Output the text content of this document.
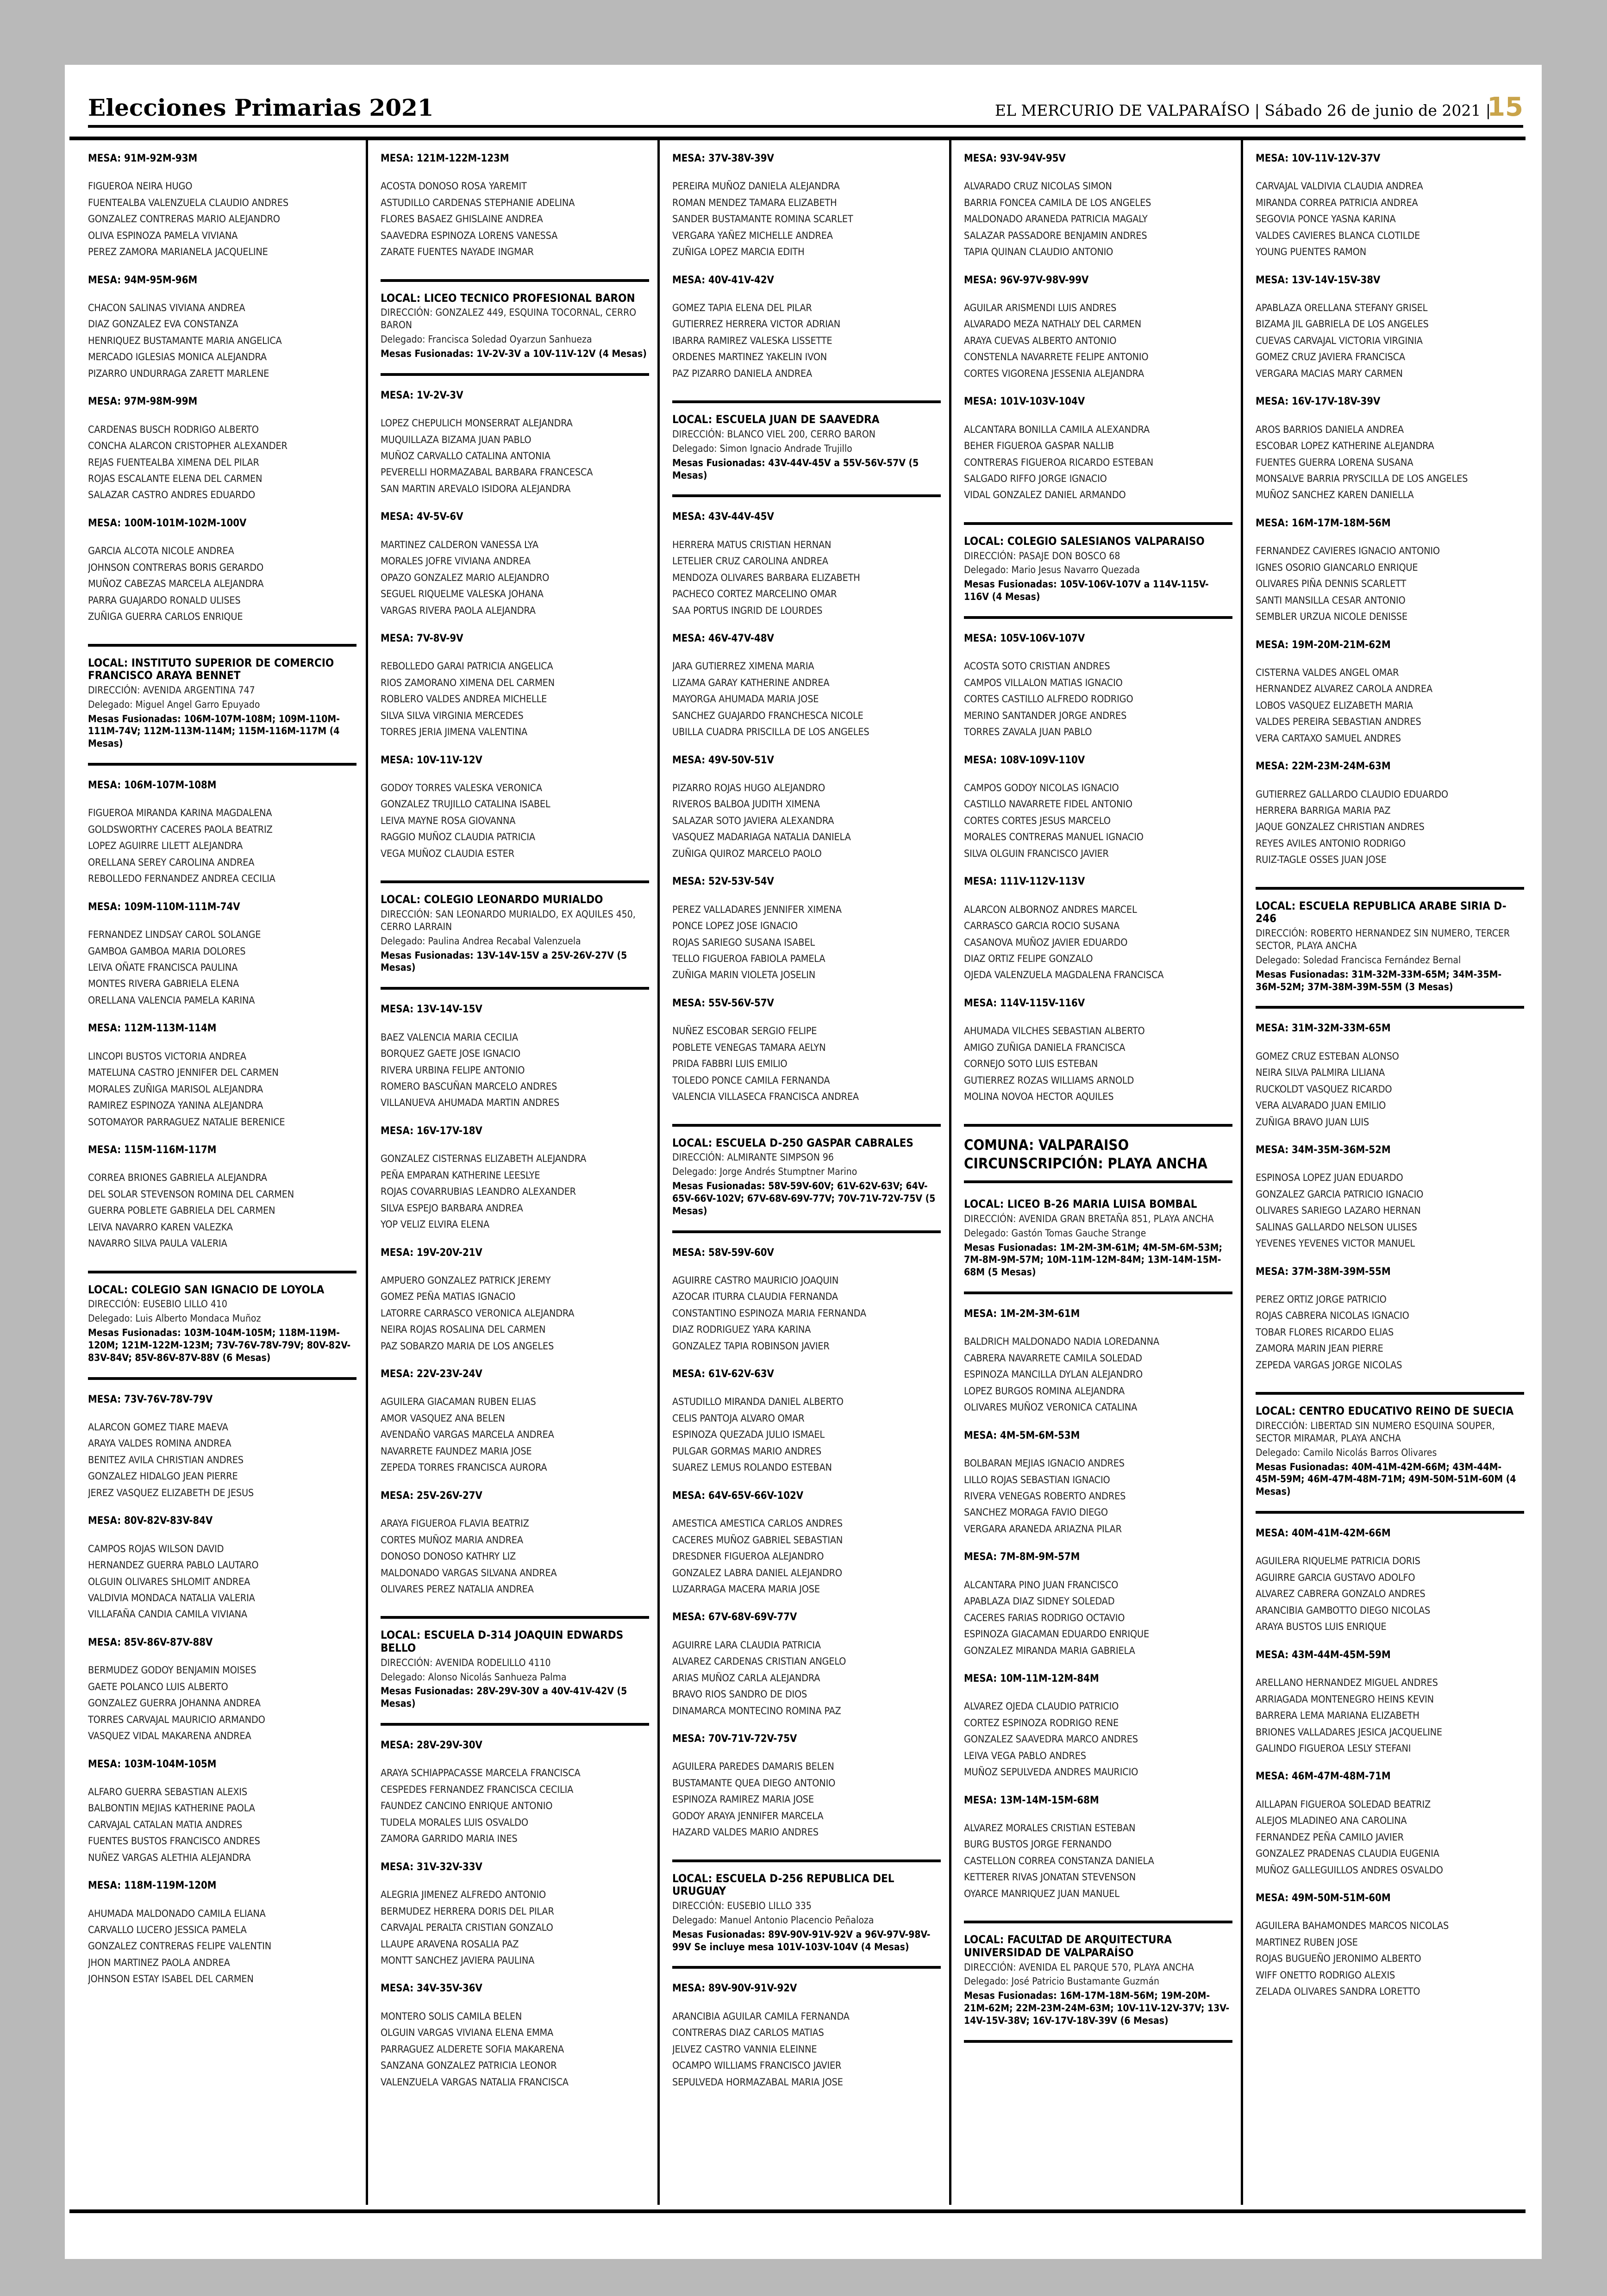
Elecciones Primarias 2021	EL MERCURIO DE VALPARAÍSO | Sábado 26 de junio de 2021 |
15
MESA: 91M-92M-93M
FIGUEROA NEIRA HUGO
FUENTEALBA VALENZUELA CLAUDIO ANDRES
GONZALEZ CONTRERAS MARIO ALEJANDRO
OLIVA ESPINOZA PAMELA VIVIANA
PEREZ ZAMORA MARIANELA JACQUELINE
MESA: 94M-95M-96M
CHACON SALINAS VIVIANA ANDREA
DIAZ GONZALEZ EVA CONSTANZA
HENRIQUEZ BUSTAMANTE MARIA ANGELICA
MERCADO IGLESIAS MONICA ALEJANDRA
PIZARRO UNDURRAGA ZARETT MARLENE
MESA: 97M-98M-99M
CARDENAS BUSCH RODRIGO ALBERTO
CONCHA ALARCON CRISTOPHER ALEXANDER
REJAS FUENTEALBA XIMENA DEL PILAR
ROJAS ESCALANTE ELENA DEL CARMEN
SALAZAR CASTRO ANDRES EDUARDO
MESA: 100M-101M-102M-100V
GARCIA ALCOTA NICOLE ANDREA
JOHNSON CONTRERAS BORIS GERARDO
MUÑOZ CABEZAS MARCELA ALEJANDRA
PARRA GUAJARDO RONALD ULISES
ZUÑIGA GUERRA CARLOS ENRIQUE
LOCAL: INSTITUTO SUPERIOR DE COMERCIO FRANCISCO ARAYA BENNET

DIRECCIÓN: AVENIDA ARGENTINA 747

Delegado: Miguel Angel Garro Epuyado

Mesas Fusionadas: 106M-107M-108M; 109M-110M-111M-74V; 112M-113M-114M; 115M-116M-117M (4 Mesas)

MESA: 106M-107M-108M
FIGUEROA MIRANDA KARINA MAGDALENA
GOLDSWORTHY CACERES PAOLA BEATRIZ
LOPEZ AGUIRRE LILETT ALEJANDRA
ORELLANA SEREY CAROLINA ANDREA
REBOLLEDO FERNANDEZ ANDREA CECILIA
MESA: 109M-110M-111M-74V
FERNANDEZ LINDSAY CAROL SOLANGE
GAMBOA GAMBOA MARIA DOLORES
LEIVA OÑATE FRANCISCA PAULINA
MONTES RIVERA GABRIELA ELENA
ORELLANA VALENCIA PAMELA KARINA
MESA: 112M-113M-114M
LINCOPI BUSTOS VICTORIA ANDREA
MATELUNA CASTRO JENNIFER DEL CARMEN
MORALES ZUÑIGA MARISOL ALEJANDRA
RAMIREZ ESPINOZA YANINA ALEJANDRA
SOTOMAYOR PARRAGUEZ NATALIE BERENICE
MESA: 115M-116M-117M
CORREA BRIONES GABRIELA ALEJANDRA
DEL SOLAR STEVENSON ROMINA DEL CARMEN
GUERRA POBLETE GABRIELA DEL CARMEN
LEIVA NAVARRO KAREN VALEZKA
NAVARRO SILVA PAULA VALERIA
LOCAL: COLEGIO SAN IGNACIO DE LOYOLA

DIRECCIÓN: EUSEBIO LILLO 410

Delegado: Luis Alberto Mondaca Muñoz

Mesas Fusionadas: 103M-104M-105M; 118M-119M-120M; 121M-122M-123M; 73V-76V-78V-79V; 80V-82V-83V-84V; 85V-86V-87V-88V (6 Mesas)

MESA: 73V-76V-78V-79V
ALARCON GOMEZ TIARE MAEVA
ARAYA VALDES ROMINA ANDREA
BENITEZ AVILA CHRISTIAN ANDRES
GONZALEZ HIDALGO JEAN PIERRE
JEREZ VASQUEZ ELIZABETH DE JESUS
MESA: 80V-82V-83V-84V
CAMPOS ROJAS WILSON DAVID
HERNANDEZ GUERRA PABLO LAUTARO
OLGUIN OLIVARES SHLOMIT ANDREA
VALDIVIA MONDACA NATALIA VALERIA
VILLAFAÑA CANDIA CAMILA VIVIANA
MESA: 85V-86V-87V-88V
BERMUDEZ GODOY BENJAMIN MOISES
GAETE POLANCO LUIS ALBERTO
GONZALEZ GUERRA JOHANNA ANDREA
TORRES CARVAJAL MAURICIO ARMANDO
VASQUEZ VIDAL MAKARENA ANDREA
MESA: 103M-104M-105M
ALFARO GUERRA SEBASTIAN ALEXIS
BALBONTIN MEJIAS KATHERINE PAOLA
CARVAJAL CATALAN MATIA ANDRES
FUENTES BUSTOS FRANCISCO ANDRES
NUÑEZ VARGAS ALETHIA ALEJANDRA
MESA: 118M-119M-120M
AHUMADA MALDONADO CAMILA ELIANA
CARVALLO LUCERO JESSICA PAMELA
GONZALEZ CONTRERAS FELIPE VALENTIN
JHON MARTINEZ PAOLA ANDREA
JOHNSON ESTAY ISABEL DEL CARMEN
MESA: 121M-122M-123M
ACOSTA DONOSO ROSA YAREMIT
ASTUDILLO CARDENAS STEPHANIE ADELINA
FLORES BASAEZ GHISLAINE ANDREA
SAAVEDRA ESPINOZA LORENS VANESSA
ZARATE FUENTES NAYADE INGMAR
LOCAL: LICEO TECNICO PROFESIONAL BARON

DIRECCIÓN: GONZALEZ 449, ESQUINA TOCORNAL, CERRO BARON

Delegado: Francisca Soledad Oyarzun Sanhueza

Mesas Fusionadas: 1V-2V-3V a 10V-11V-12V (4 Mesas)

MESA: 1V-2V-3V
LOPEZ CHEPULICH MONSERRAT ALEJANDRA
MUQUILLAZA BIZAMA JUAN PABLO
MUÑOZ CARVALLO CATALINA ANTONIA
PEVERELLI HORMAZABAL BARBARA FRANCESCA
SAN MARTIN AREVALO ISIDORA ALEJANDRA
MESA: 4V-5V-6V
MARTINEZ CALDERON VANESSA LYA
MORALES JOFRE VIVIANA ANDREA
OPAZO GONZALEZ MARIO ALEJANDRO
SEGUEL RIQUELME VALESKA JOHANA
VARGAS RIVERA PAOLA ALEJANDRA
MESA: 7V-8V-9V
REBOLLEDO GARAI PATRICIA ANGELICA
RIOS ZAMORANO XIMENA DEL CARMEN
ROBLERO VALDES ANDREA MICHELLE
SILVA SILVA VIRGINIA MERCEDES
TORRES JERIA JIMENA VALENTINA
MESA: 10V-11V-12V
GODOY TORRES VALESKA VERONICA
GONZALEZ TRUJILLO CATALINA ISABEL
LEIVA MAYNE ROSA GIOVANNA
RAGGIO MUÑOZ CLAUDIA PATRICIA
VEGA MUÑOZ CLAUDIA ESTER
LOCAL: COLEGIO LEONARDO MURIALDO

DIRECCIÓN: SAN LEONARDO MURIALDO, EX AQUILES 450, CERRO LARRAIN

Delegado: Paulina Andrea Recabal Valenzuela

Mesas Fusionadas: 13V-14V-15V a 25V-26V-27V (5 Mesas)

MESA: 13V-14V-15V
BAEZ VALENCIA MARIA CECILIA
BORQUEZ GAETE JOSE IGNACIO
RIVERA URBINA FELIPE ANTONIO
ROMERO BASCUÑAN MARCELO ANDRES
VILLANUEVA AHUMADA MARTIN ANDRES
MESA: 16V-17V-18V
GONZALEZ CISTERNAS ELIZABETH ALEJANDRA
PEÑA EMPARAN KATHERINE LEESLYE
ROJAS COVARRUBIAS LEANDRO ALEXANDER
SILVA ESPEJO BARBARA ANDREA
YOP VELIZ ELVIRA ELENA
MESA: 19V-20V-21V
AMPUERO GONZALEZ PATRICK JEREMY
GOMEZ PEÑA MATIAS IGNACIO
LATORRE CARRASCO VERONICA ALEJANDRA
NEIRA ROJAS ROSALINA DEL CARMEN
PAZ SOBARZO MARIA DE LOS ANGELES
MESA: 22V-23V-24V
AGUILERA GIACAMAN RUBEN ELIAS
AMOR VASQUEZ ANA BELEN
AVENDAÑO VARGAS MARCELA ANDREA
NAVARRETE FAUNDEZ MARIA JOSE
ZEPEDA TORRES FRANCISCA AURORA
MESA: 25V-26V-27V
ARAYA FIGUEROA FLAVIA BEATRIZ
CORTES MUÑOZ MARIA ANDREA
DONOSO DONOSO KATHRY LIZ
MALDONADO VARGAS SILVANA ANDREA
OLIVARES PEREZ NATALIA ANDREA
LOCAL: ESCUELA D-314 JOAQUIN EDWARDS BELLO

DIRECCIÓN: AVENIDA RODELILLO 4110

Delegado: Alonso Nicolás Sanhueza Palma

Mesas Fusionadas: 28V-29V-30V a 40V-41V-42V (5 Mesas)

MESA: 28V-29V-30V
ARAYA SCHIAPPACASSE MARCELA FRANCISCA
CESPEDES FERNANDEZ FRANCISCA CECILIA
FAUNDEZ CANCINO ENRIQUE ANTONIO
TUDELA MORALES LUIS OSVALDO
ZAMORA GARRIDO MARIA INES
MESA: 31V-32V-33V
ALEGRIA JIMENEZ ALFREDO ANTONIO
BERMUDEZ HERRERA DORIS DEL PILAR
CARVAJAL PERALTA CRISTIAN GONZALO
LLAUPE ARAVENA ROSALIA PAZ
MONTT SANCHEZ JAVIERA PAULINA
MESA: 34V-35V-36V
MONTERO SOLIS CAMILA BELEN
OLGUIN VARGAS VIVIANA ELENA EMMA
PARRAGUEZ ALDERETE SOFIA MAKARENA
SANZANA GONZALEZ PATRICIA LEONOR
VALENZUELA VARGAS NATALIA FRANCISCA
MESA: 37V-38V-39V
PEREIRA MUÑOZ DANIELA ALEJANDRA
ROMAN MENDEZ TAMARA ELIZABETH
SANDER BUSTAMANTE ROMINA SCARLET
VERGARA YAÑEZ MICHELLE ANDREA
ZUÑIGA LOPEZ MARCIA EDITH
MESA: 40V-41V-42V
GOMEZ TAPIA ELENA DEL PILAR
GUTIERREZ HERRERA VICTOR ADRIAN
IBARRA RAMIREZ VALESKA LISSETTE
ORDENES MARTINEZ YAKELIN IVON
PAZ PIZARRO DANIELA ANDREA
LOCAL: ESCUELA JUAN DE SAAVEDRA

DIRECCIÓN: BLANCO VIEL 200, CERRO BARON

Delegado: Simon Ignacio Andrade Trujillo

Mesas Fusionadas: 43V-44V-45V a 55V-56V-57V (5 Mesas)

MESA: 43V-44V-45V
HERRERA MATUS CRISTIAN HERNAN
LETELIER CRUZ CAROLINA ANDREA
MENDOZA OLIVARES BARBARA ELIZABETH
PACHECO CORTEZ MARCELINO OMAR
SAA PORTUS INGRID DE LOURDES
MESA: 46V-47V-48V
JARA GUTIERREZ XIMENA MARIA
LIZAMA GARAY KATHERINE ANDREA
MAYORGA AHUMADA MARIA JOSE
SANCHEZ GUAJARDO FRANCHESCA NICOLE
UBILLA CUADRA PRISCILLA DE LOS ANGELES
MESA: 49V-50V-51V
PIZARRO ROJAS HUGO ALEJANDRO
RIVEROS BALBOA JUDITH XIMENA
SALAZAR SOTO JAVIERA ALEXANDRA
VASQUEZ MADARIAGA NATALIA DANIELA
ZUÑIGA QUIROZ MARCELO PAOLO
MESA: 52V-53V-54V
PEREZ VALLADARES JENNIFER XIMENA
PONCE LOPEZ JOSE IGNACIO
ROJAS SARIEGO SUSANA ISABEL
TELLO FIGUEROA FABIOLA PAMELA
ZUÑIGA MARIN VIOLETA JOSELIN
MESA: 55V-56V-57V
NUÑEZ ESCOBAR SERGIO FELIPE
POBLETE VENEGAS TAMARA AELYN
PRIDA FABBRI LUIS EMILIO
TOLEDO PONCE CAMILA FERNANDA
VALENCIA VILLASECA FRANCISCA ANDREA
LOCAL: ESCUELA D-250 GASPAR CABRALES

DIRECCIÓN: ALMIRANTE SIMPSON 96

Delegado: Jorge Andrés Stumptner Marino

Mesas Fusionadas: 58V-59V-60V; 61V-62V-63V; 64V-65V-66V-102V; 67V-68V-69V-77V; 70V-71V-72V-75V (5 Mesas)

MESA: 58V-59V-60V
AGUIRRE CASTRO MAURICIO JOAQUIN
AZOCAR ITURRA CLAUDIA FERNANDA
CONSTANTINO ESPINOZA MARIA FERNANDA
DIAZ RODRIGUEZ YARA KARINA
GONZALEZ TAPIA ROBINSON JAVIER
MESA: 61V-62V-63V
ASTUDILLO MIRANDA DANIEL ALBERTO
CELIS PANTOJA ALVARO OMAR
ESPINOZA QUEZADA JULIO ISMAEL
PULGAR GORMAS MARIO ANDRES
SUAREZ LEMUS ROLANDO ESTEBAN
MESA: 64V-65V-66V-102V
AMESTICA AMESTICA CARLOS ANDRES
CACERES MUÑOZ GABRIEL SEBASTIAN
DRESDNER FIGUEROA ALEJANDRO
GONZALEZ LABRA DANIEL ALEJANDRO
LUZARRAGA MACERA MARIA JOSE
MESA: 67V-68V-69V-77V
AGUIRRE LARA CLAUDIA PATRICIA
ALVAREZ CARDENAS CRISTIAN ANGELO
ARIAS MUÑOZ CARLA ALEJANDRA
BRAVO RIOS SANDRO DE DIOS
DINAMARCA MONTECINO ROMINA PAZ
MESA: 70V-71V-72V-75V
AGUILERA PAREDES DAMARIS BELEN
BUSTAMANTE QUEA DIEGO ANTONIO
ESPINOZA RAMIREZ MARIA JOSE
GODOY ARAYA JENNIFER MARCELA
HAZARD VALDES MARIO ANDRES
LOCAL: ESCUELA D-256 REPUBLICA DEL URUGUAY

DIRECCIÓN: EUSEBIO LILLO 335

Delegado: Manuel Antonio Placencio Peñaloza

Mesas Fusionadas: 89V-90V-91V-92V a 96V-97V-98V-99V Se incluye mesa 101V-103V-104V (4 Mesas)

MESA: 89V-90V-91V-92V
ARANCIBIA AGUILAR CAMILA FERNANDA
CONTRERAS DIAZ CARLOS MATIAS
JELVEZ CASTRO VANNIA ELEINNE
OCAMPO WILLIAMS FRANCISCO JAVIER
SEPULVEDA HORMAZABAL MARIA JOSE
MESA: 93V-94V-95V
ALVARADO CRUZ NICOLAS SIMON
BARRIA FONCEA CAMILA DE LOS ANGELES
MALDONADO ARANEDA PATRICIA MAGALY
SALAZAR PASSADORE BENJAMIN ANDRES
TAPIA QUINAN CLAUDIO ANTONIO
MESA: 96V-97V-98V-99V
AGUILAR ARISMENDI LUIS ANDRES
ALVARADO MEZA NATHALY DEL CARMEN
ARAYA CUEVAS ALBERTO ANTONIO
CONSTENLA NAVARRETE FELIPE ANTONIO
CORTES VIGORENA JESSENIA ALEJANDRA
MESA: 101V-103V-104V
ALCANTARA BONILLA CAMILA ALEXANDRA
BEHER FIGUEROA GASPAR NALLIB
CONTRERAS FIGUEROA RICARDO ESTEBAN
SALGADO RIFFO JORGE IGNACIO
VIDAL GONZALEZ DANIEL ARMANDO
LOCAL: COLEGIO SALESIANOS VALPARAISO

DIRECCIÓN: PASAJE DON BOSCO 68

Delegado: Mario Jesus Navarro Quezada

Mesas Fusionadas: 105V-106V-107V a 114V-115V-116V (4 Mesas)

MESA: 105V-106V-107V
ACOSTA SOTO CRISTIAN ANDRES
CAMPOS VILLALON MATIAS IGNACIO
CORTES CASTILLO ALFREDO RODRIGO
MERINO SANTANDER JORGE ANDRES
TORRES ZAVALA JUAN PABLO
MESA: 108V-109V-110V
CAMPOS GODOY NICOLAS IGNACIO
CASTILLO NAVARRETE FIDEL ANTONIO
CORTES CORTES JESUS MARCELO
MORALES CONTRERAS MANUEL IGNACIO
SILVA OLGUIN FRANCISCO JAVIER
MESA: 111V-112V-113V
ALARCON ALBORNOZ ANDRES MARCEL
CARRASCO GARCIA ROCIO SUSANA
CASANOVA MUÑOZ JAVIER EDUARDO
DIAZ ORTIZ FELIPE GONZALO
OJEDA VALENZUELA MAGDALENA FRANCISCA
MESA: 114V-115V-116V
AHUMADA VILCHES SEBASTIAN ALBERTO
AMIGO ZUÑIGA DANIELA FRANCISCA
CORNEJO SOTO LUIS ESTEBAN
GUTIERREZ ROZAS WILLIAMS ARNOLD
MOLINA NOVOA HECTOR AQUILES
COMUNA: VALPARAISO
CIRCUNSCRIPCIÓN: PLAYA ANCHA
LOCAL: LICEO B-26 MARIA LUISA BOMBAL

DIRECCIÓN: AVENIDA GRAN BRETAÑA 851, PLAYA ANCHA

Delegado: Gastón Tomas Gauche Strange

Mesas Fusionadas: 1M-2M-3M-61M; 4M-5M-6M-53M; 7M-8M-9M-57M; 10M-11M-12M-84M; 13M-14M-15M-68M (5 Mesas)

MESA: 1M-2M-3M-61M
BALDRICH MALDONADO NADIA LOREDANNA
CABRERA NAVARRETE CAMILA SOLEDAD
ESPINOZA MANCILLA DYLAN ALEJANDRO
LOPEZ BURGOS ROMINA ALEJANDRA
OLIVARES MUÑOZ VERONICA CATALINA
MESA: 4M-5M-6M-53M
BOLBARAN MEJIAS IGNACIO ANDRES
LILLO ROJAS SEBASTIAN IGNACIO
RIVERA VENEGAS ROBERTO ANDRES
SANCHEZ MORAGA FAVIO DIEGO
VERGARA ARANEDA ARIAZNA PILAR
MESA: 7M-8M-9M-57M
ALCANTARA PINO JUAN FRANCISCO
APABLAZA DIAZ SIDNEY SOLEDAD
CACERES FARIAS RODRIGO OCTAVIO
ESPINOZA GIACAMAN EDUARDO ENRIQUE
GONZALEZ MIRANDA MARIA GABRIELA
MESA: 10M-11M-12M-84M
ALVAREZ OJEDA CLAUDIO PATRICIO
CORTEZ ESPINOZA RODRIGO RENE
GONZALEZ SAAVEDRA MARCO ANDRES
LEIVA VEGA PABLO ANDRES
MUÑOZ SEPULVEDA ANDRES MAURICIO
MESA: 13M-14M-15M-68M
ALVAREZ MORALES CRISTIAN ESTEBAN
BURG BUSTOS JORGE FERNANDO
CASTELLON CORREA CONSTANZA DANIELA
KETTERER RIVAS JONATAN STEVENSON
OYARCE MANRIQUEZ JUAN MANUEL
LOCAL: FACULTAD DE ARQUITECTURA UNIVERSIDAD DE VALPARAÍSO

DIRECCIÓN: AVENIDA EL PARQUE 570, PLAYA ANCHA

Delegado: José Patricio Bustamante Guzmán

Mesas Fusionadas: 16M-17M-18M-56M; 19M-20M-21M-62M; 22M-23M-24M-63M; 10V-11V-12V-37V; 13V-14V-15V-38V; 16V-17V-18V-39V (6 Mesas)

MESA: 10V-11V-12V-37V
CARVAJAL VALDIVIA CLAUDIA ANDREA
MIRANDA CORREA PATRICIA ANDREA
SEGOVIA PONCE YASNA KARINA
VALDES CAVIERES BLANCA CLOTILDE
YOUNG PUENTES RAMON
MESA: 13V-14V-15V-38V
APABLAZA ORELLANA STEFANY GRISEL
BIZAMA JIL GABRIELA DE LOS ANGELES
CUEVAS CARVAJAL VICTORIA VIRGINIA
GOMEZ CRUZ JAVIERA FRANCISCA
VERGARA MACIAS MARY CARMEN
MESA: 16V-17V-18V-39V
AROS BARRIOS DANIELA ANDREA
ESCOBAR LOPEZ KATHERINE ALEJANDRA
FUENTES GUERRA LORENA SUSANA
MONSALVE BARRIA PRYSCILLA DE LOS ANGELES
MUÑOZ SANCHEZ KAREN DANIELLA
MESA: 16M-17M-18M-56M
FERNANDEZ CAVIERES IGNACIO ANTONIO
IGNES OSORIO GIANCARLO ENRIQUE
OLIVARES PIÑA DENNIS SCARLETT
SANTI MANSILLA CESAR ANTONIO
SEMBLER URZUA NICOLE DENISSE
MESA: 19M-20M-21M-62M
CISTERNA VALDES ANGEL OMAR
HERNANDEZ ALVAREZ CAROLA ANDREA
LOBOS VASQUEZ ELIZABETH MARIA
VALDES PEREIRA SEBASTIAN ANDRES
VERA CARTAXO SAMUEL ANDRES
MESA: 22M-23M-24M-63M
GUTIERREZ GALLARDO CLAUDIO EDUARDO
HERRERA BARRIGA MARIA PAZ
JAQUE GONZALEZ CHRISTIAN ANDRES
REYES AVILES ANTONIO RODRIGO
RUIZ-TAGLE OSSES JUAN JOSE
LOCAL: ESCUELA REPUBLICA ARABE SIRIA D-246

DIRECCIÓN: ROBERTO HERNANDEZ SIN NUMERO, TERCER SECTOR, PLAYA ANCHA

Delegado: Soledad Francisca Fernández Bernal

Mesas Fusionadas: 31M-32M-33M-65M; 34M-35M-36M-52M; 37M-38M-39M-55M (3 Mesas)

MESA: 31M-32M-33M-65M
GOMEZ CRUZ ESTEBAN ALONSO
NEIRA SILVA PALMIRA LILIANA
RUCKOLDT VASQUEZ RICARDO
VERA ALVARADO JUAN EMILIO
ZUÑIGA BRAVO JUAN LUIS
MESA: 34M-35M-36M-52M
ESPINOSA LOPEZ JUAN EDUARDO
GONZALEZ GARCIA PATRICIO IGNACIO
OLIVARES SARIEGO LAZARO HERNAN
SALINAS GALLARDO NELSON ULISES
YEVENES YEVENES VICTOR MANUEL
MESA: 37M-38M-39M-55M
PEREZ ORTIZ JORGE PATRICIO
ROJAS CABRERA NICOLAS IGNACIO
TOBAR FLORES RICARDO ELIAS
ZAMORA MARIN JEAN PIERRE
ZEPEDA VARGAS JORGE NICOLAS
LOCAL: CENTRO EDUCATIVO REINO DE SUECIA

DIRECCIÓN: LIBERTAD SIN NUMERO ESQUINA SOUPER, SECTOR MIRAMAR, PLAYA ANCHA

Delegado: Camilo Nicolás Barros Olivares

Mesas Fusionadas: 40M-41M-42M-66M; 43M-44M-45M-59M; 46M-47M-48M-71M; 49M-50M-51M-60M (4 Mesas)

MESA: 40M-41M-42M-66M
AGUILERA RIQUELME PATRICIA DORIS
AGUIRRE GARCIA GUSTAVO ADOLFO
ALVAREZ CABRERA GONZALO ANDRES
ARANCIBIA GAMBOTTO DIEGO NICOLAS
ARAYA BUSTOS LUIS ENRIQUE
MESA: 43M-44M-45M-59M
ARELLANO HERNANDEZ MIGUEL ANDRES
ARRIAGADA MONTENEGRO HEINS KEVIN
BARRERA LEMA MARIANA ELIZABETH
BRIONES VALLADARES JESICA JACQUELINE
GALINDO FIGUEROA LESLY STEFANI
MESA: 46M-47M-48M-71M
AILLAPAN FIGUEROA SOLEDAD BEATRIZ
ALEJOS MLADINEO ANA CAROLINA
FERNANDEZ PEÑA CAMILO JAVIER
GONZALEZ PRADENAS CLAUDIA EUGENIA
MUÑOZ GALLEGUILLOS ANDRES OSVALDO
MESA: 49M-50M-51M-60M
AGUILERA BAHAMONDES MARCOS NICOLAS
MARTINEZ RUBEN JOSE
ROJAS BUGUEÑO JERONIMO ALBERTO
WIFF ONETTO RODRIGO ALEXIS
ZELADA OLIVARES SANDRA LORETTO
